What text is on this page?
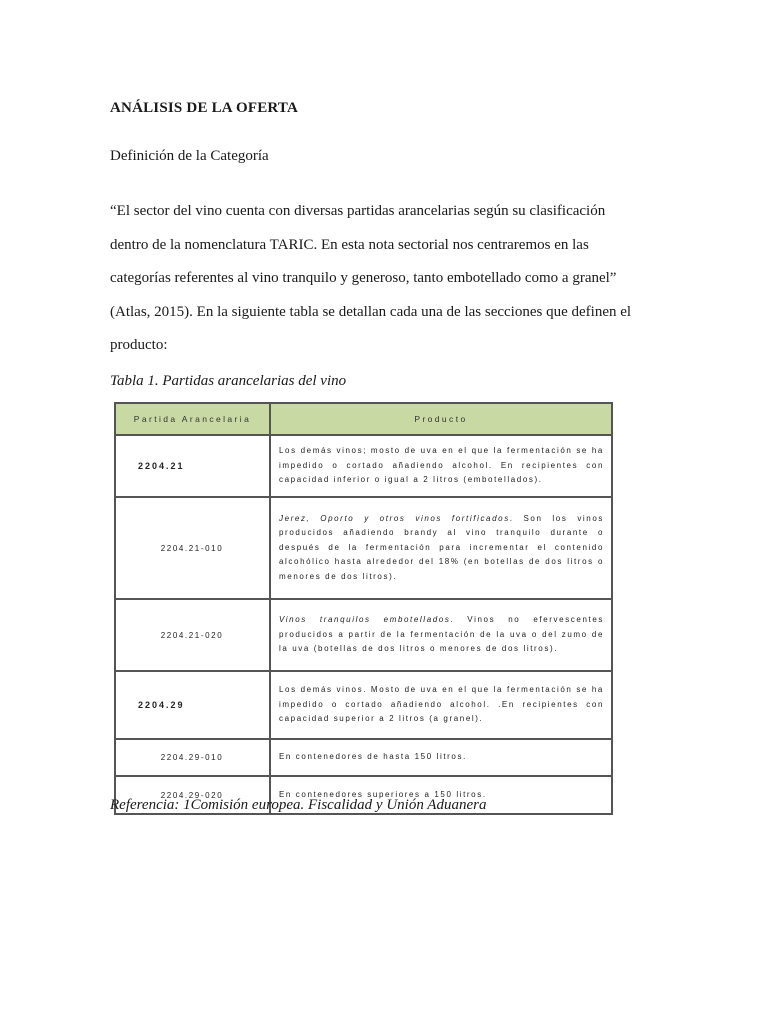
ANÁLISIS DE LA OFERTA
Definición de la Categoría
“El sector del vino cuenta con diversas partidas arancelarias según su clasificación dentro de la nomenclatura TARIC. En esta nota sectorial nos centraremos en las categorías referentes al vino tranquilo y generoso, tanto embotellado como a granel” (Atlas, 2015). En la siguiente tabla se detallan cada una de las secciones que definen el producto:
Tabla 1. Partidas arancelarias del vino
Partida Arancelaria	Producto
2204.21	Los demás vinos; mosto de uva en el que la fermentación se ha impedido o cortado añadiendo alcohol. En recipientes con capacidad inferior o igual a 2 litros (embotellados).
2204.21-010	Jerez, Oporto y otros vinos fortificados. Son los vinos producidos añadiendo brandy al vino tranquilo durante o después de la fermentación para incrementar el contenido alcohólico hasta alrededor del 18% (en botellas de dos litros o menores de dos litros).
2204.21-020	Vinos tranquilos embotellados. Vinos no efervescentes producidos a partir de la fermentación de la uva o del zumo de la uva (botellas de dos litros o menores de dos litros).
2204.29	Los demás vinos. Mosto de uva en el que la fermentación se ha impedido o cortado añadiendo alcohol. .En recipientes con capacidad superior a 2 litros (a granel).
2204.29-010	En contenedores de hasta 150 litros.
2204.29-020	En contenedores superiores a 150 litros.
Referencia: 1Comisión europea. Fiscalidad y Unión Aduanera
